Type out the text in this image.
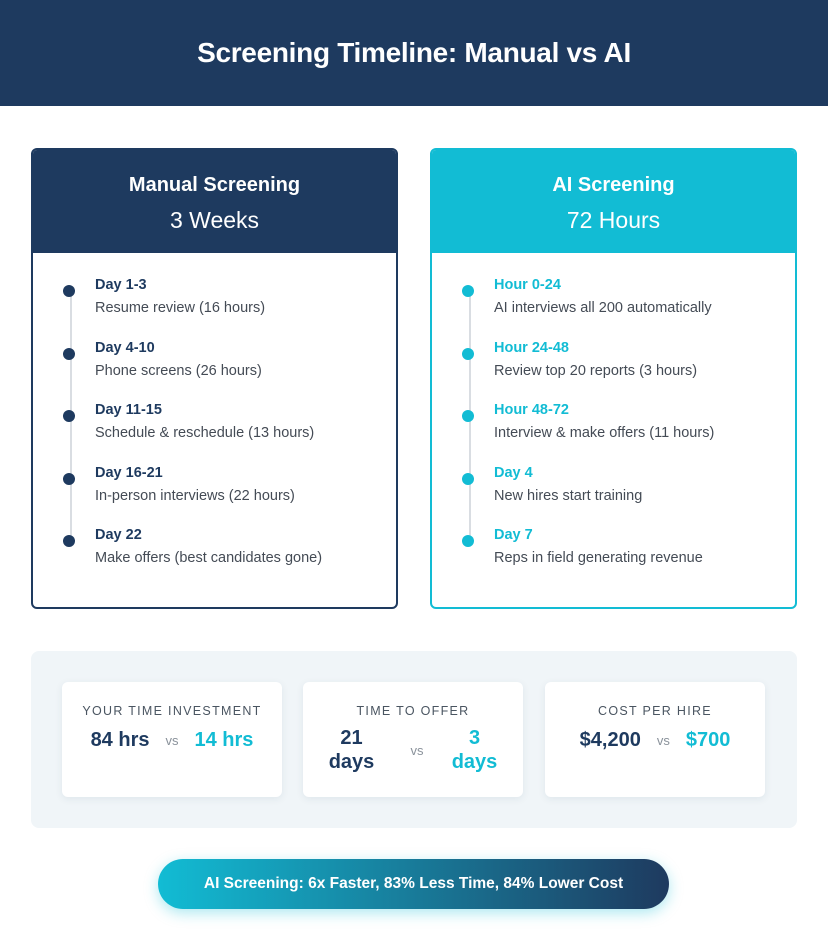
Screening Timeline: Manual vs AI
Manual Screening
3 Weeks
Day 1-3
Resume review (16 hours)
Day 4-10
Phone screens (26 hours)
Day 11-15
Schedule & reschedule (13 hours)
Day 16-21
In-person interviews (22 hours)
Day 22
Make offers (best candidates gone)
AI Screening
72 Hours
Hour 0-24
AI interviews all 200 automatically
Hour 24-48
Review top 20 reports (3 hours)
Hour 48-72
Interview & make offers (11 hours)
Day 4
New hires start training
Day 7
Reps in field generating revenue
YOUR TIME INVESTMENT
84 hrs vs 14 hrs
TIME TO OFFER
21 days
vs
3 days
COST PER HIRE
$4,200 vs $700
AI Screening: 6x Faster, 83% Less Time, 84% Lower Cost
